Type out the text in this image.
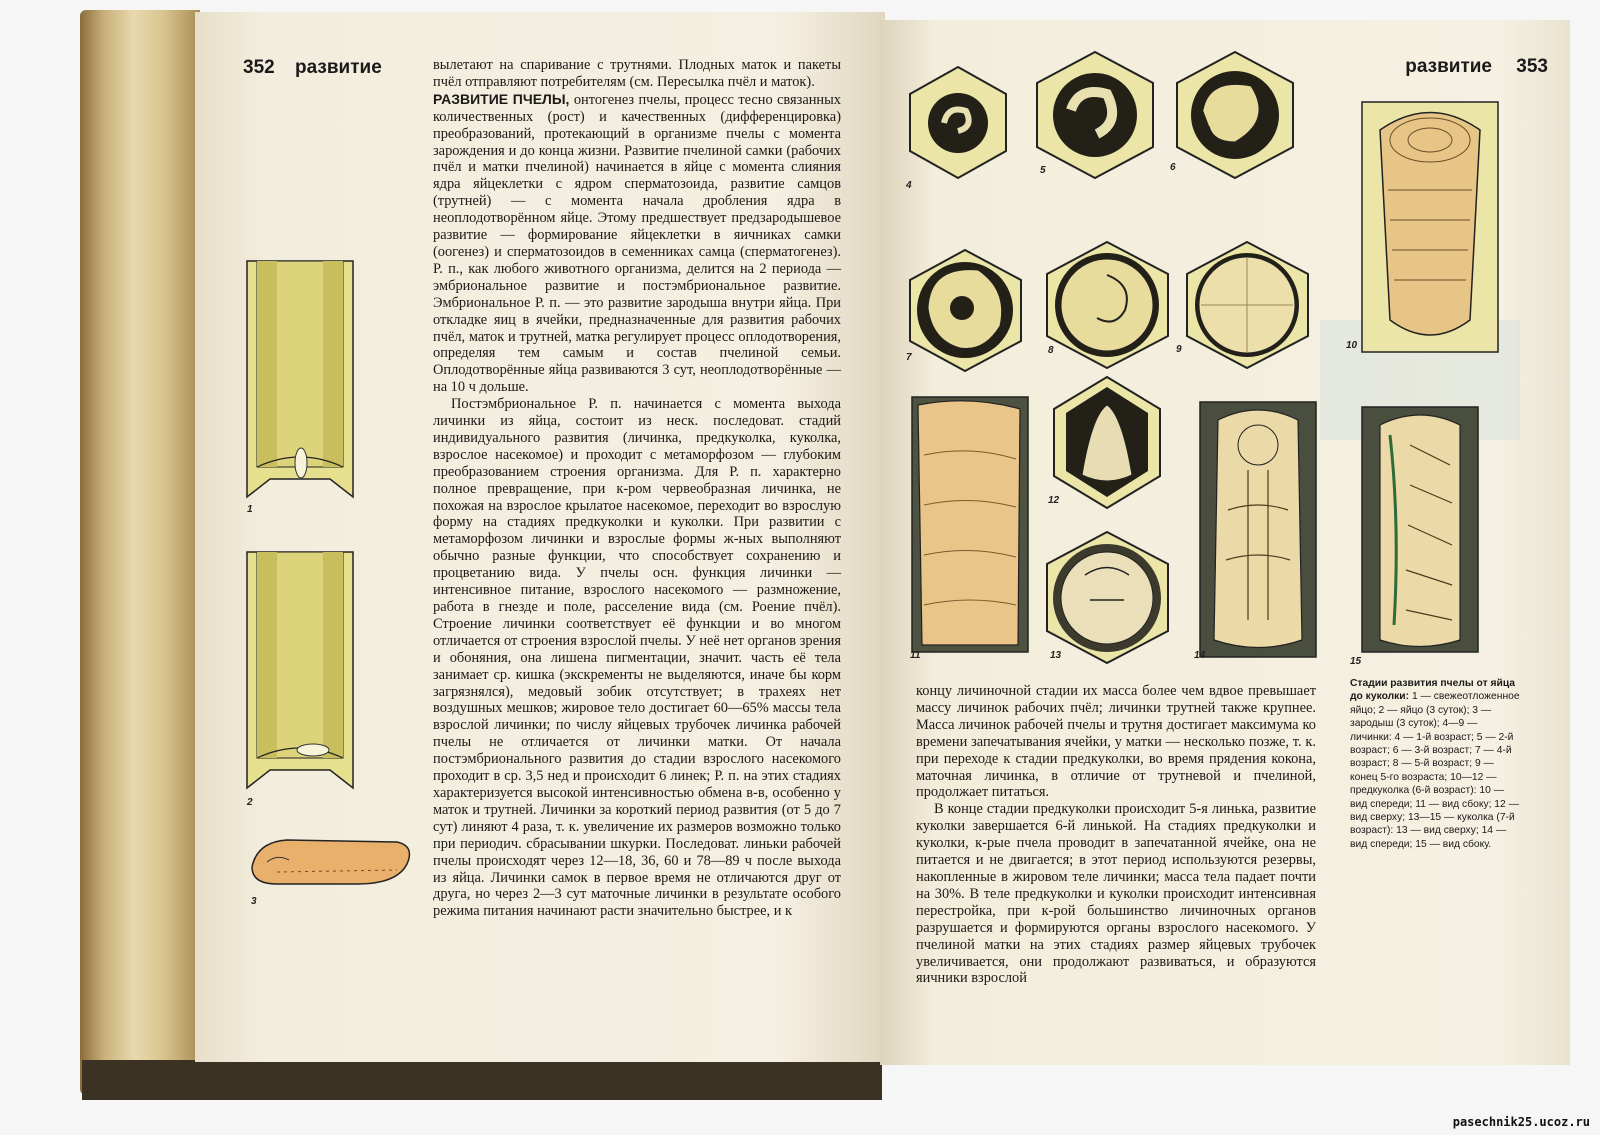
352 развитие
1
2
3

вылетают на спаривание с трутнями. Плодных маток и пакеты пчёл отправляют потребителям (см. Пересылка пчёл и маток).

РАЗВИТИЕ ПЧЕЛЫ, онтогенез пчелы, процесс тесно связанных количественных (рост) и качественных (дифференцировка) преобразований, протекающий в организме пчелы с момента зарождения и до конца жизни. Развитие пчелиной самки (рабочих пчёл и матки пчелиной) начинается в яйце с момента слияния ядра яйцеклетки с ядром сперматозоида, развитие самцов (трутней) — с момента начала дробления ядра в неоплодотворённом яйце. Этому предшествует предзародышевое развитие — формирование яйцеклетки в яичниках самки (оогенез) и сперматозоидов в семенниках самца (сперматогенез). Р. п., как любого животного организма, делится на 2 периода — эмбриональное развитие и постэмбриональное развитие. Эмбриональное Р. п. — это развитие зародыша внутри яйца. При откладке яиц в ячейки, предназначенные для развития рабочих пчёл, маток и трутней, матка регулирует процесс оплодотворения, определяя тем самым и состав пчелиной семьи. Оплодотворённые яйца развиваются 3 сут, неоплодотворённые — на 10 ч дольше.

Постэмбриональное Р. п. начинается с момента выхода личинки из яйца, состоит из неск. последоват. стадий индивидуального развития (личинка, предкуколка, куколка, взрослое насекомое) и проходит с метаморфозом — глубоким преобразованием строения организма. Для Р. п. характерно полное превращение, при к-ром червеобразная личинка, не похожая на взрослое крылатое насекомое, переходит во взрослую форму на стадиях предкуколки и куколки. При развитии с метаморфозом личинки и взрослые формы ж-ных выполняют обычно разные функции, что способствует сохранению и процветанию вида. У пчелы осн. функция личинки — интенсивное питание, взрослого насекомого — размножение, работа в гнезде и поле, расселение вида (см. Роение пчёл). Строение личинки соответствует её функции и во многом отличается от строения взрослой пчелы. У неё нет органов зрения и обоняния, она лишена пигментации, значит. часть её тела занимает ср. кишка (экскременты не выделяются, иначе бы корм загрязнялся), медовый зобик отсутствует; в трахеях нет воздушных мешков; жировое тело достигает 60—65% массы тела взрослой личинки; по числу яйцевых трубочек личинка рабочей пчелы не отличается от личинки матки. От начала постэмбрионального развития до стадии взрослого насекомого проходит в ср. 3,5 нед и происходит 6 линек; Р. п. на этих стадиях характеризуется высокой интенсивностью обмена в-в, особенно у маток и трутней. Личинки за короткий период развития (от 5 до 7 сут) линяют 4 раза, т. к. увеличение их размеров возможно только при периодич. сбрасывании шкурки. Последоват. линьки рабочей пчелы происходят через 12—18, 36, 60 и 78—89 ч после выхода из яйца. Личинки самок в первое время не отличаются друг от друга, но через 2—3 сут маточные личинки в результате особого режима питания начинают расти значительно быстрее, и к

развитие 353
4
5	6
10
7
8	9
11
12
13	14
15
Стадии развития пчелы от яйца до куколки: 1 — свежеотложенное яйцо; 2 — яйцо (3 суток); 3 — зародыш (3 суток); 4—9 — личинки: 4 — 1-й возраст; 5 — 2-й возраст; 6 — 3-й возраст; 7 — 4-й возраст; 8 — 5-й возраст; 9 — конец 5-го возраста; 10—12 — предкуколка (6-й возраст): 10 — вид спереди; 11 — вид сбоку; 12 — вид сверху; 13—15 — куколка (7-й возраст): 13 — вид сверху; 14 — вид спереди; 15 — вид сбоку.

концу личиночной стадии их масса более чем вдвое превышает массу личинок рабочих пчёл; личинки трутней также крупнее. Масса личинок рабочей пчелы и трутня достигает максимума ко времени запечатывания ячейки, у матки — несколько позже, т. к. при переходе к стадии предкуколки, во время прядения кокона, маточная личинка, в отличие от трутневой и пчелиной, продолжает питаться.

В конце стадии предкуколки происходит 5-я линька, развитие куколки завершается 6-й линькой. На стадиях предкуколки и куколки, к-рые пчела проводит в запечатанной ячейке, она не питается и не двигается; в этот период используются резервы, накопленные в жировом теле личинки; масса тела падает почти на 30%. В теле предкуколки и куколки происходит интенсивная перестройка, при к-рой большинство личиночных органов разрушается и формируются органы взрослого насекомого. У пчелиной матки на этих стадиях размер яйцевых трубочек увеличивается, они продолжают развиваться, и образуются яичники взрослой

pasechnik25.ucoz.ru
